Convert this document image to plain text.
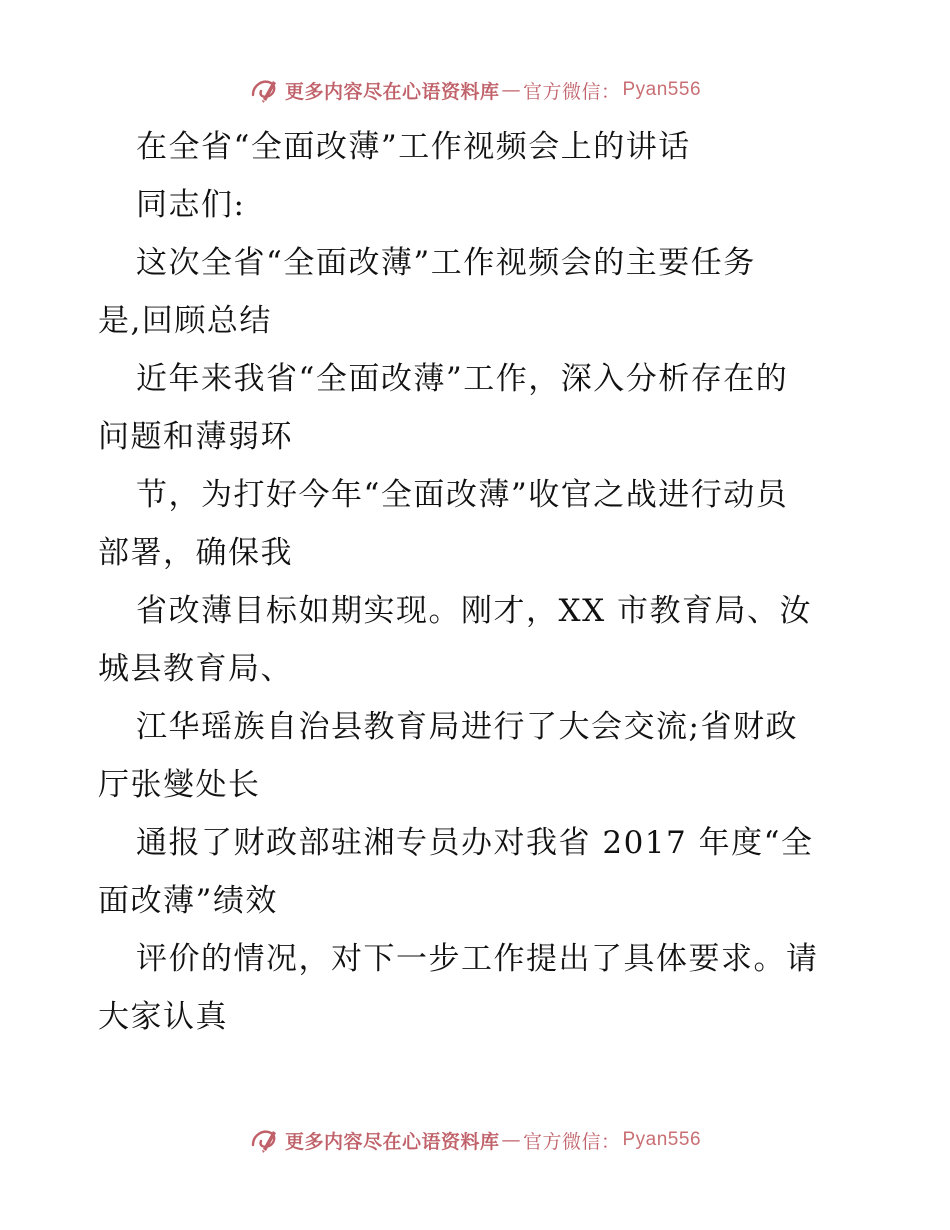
更多内容尽在心语资料库 — 官方微信： Pyan556
在全省“全面改薄”工作视频会上的讲话
同志们:
这次全省“全面改薄”工作视频会的主要任务
是,回顾总结
近年来我省“全面改薄”工作，深入分析存在的
问题和薄弱环
节，为打好今年“全面改薄”收官之战进行动员
部署，确保我
省改薄目标如期实现。刚才，XX 市教育局、汝
城县教育局、
江华瑶族自治县教育局进行了大会交流;省财政
厅张燮处长
通报了财政部驻湘专员办对我省 2017 年度“全
面改薄”绩效
评价的情况，对下一步工作提出了具体要求。请
大家认真
更多内容尽在心语资料库 — 官方微信： Pyan556
